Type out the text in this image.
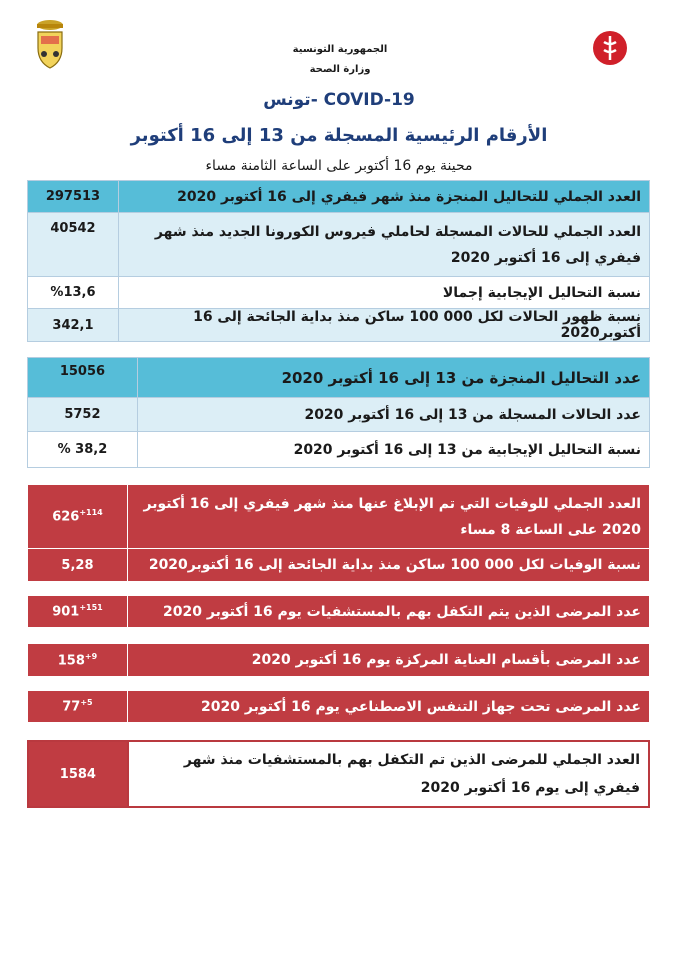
الجمهورية التونسية
وزارة الصحة
COVID-19 -تونس
الأرقام الرئيسية المسجلة من 13 إلى 16 أكتوبر
محينة يوم 16 أكتوبر على الساعة الثامنة مساء
297513	العدد الجملي للتحاليل المنجزة منذ شهر فيفري إلى 16 أكتوبر 2020
40542	العدد الجملي للحالات المسجلة لحاملي فيروس الكورونا الجديد منذ شهر فيفري إلى 16 أكتوبر 2020
%13,6	نسبة التحاليل الإيجابية إجمالا
342,1	نسبة ظهور الحالات لكل 000 100 ساكن منذ بداية الجائحة إلى 16 أكتوبر2020
15056	عدد التحاليل المنجزة من 13 إلى 16 أكتوبر 2020
5752	عدد الحالات المسجلة من 13 إلى 16 أكتوبر 2020
% 38,2	نسبة التحاليل الإيجابية من 13 إلى 16 أكتوبر 2020
$626^{+114}$	العدد الجملي للوفيات التي تم الإبلاغ عنها منذ شهر فيفري إلى 16 أكتوبر 2020 على الساعة 8 مساء
5,28	نسبة الوفيات لكل 000 100 ساكن منذ بداية الجائحة إلى 16 أكتوبر2020
$901^{+151}$	عدد المرضى الذين يتم التكفل بهم بالمستشفيات يوم 16 أكتوبر 2020
$158^{+9}$	عدد المرضى بأقسام العناية المركزة يوم 16 أكتوبر 2020
$77^{+5}$	عدد المرضى تحت جهاز التنفس الاصطناعي يوم 16 أكتوبر 2020
1584	العدد الجملي للمرضى الذين تم التكفل بهم بالمستشفيات منذ شهر فيفري إلى يوم 16 أكتوبر 2020
